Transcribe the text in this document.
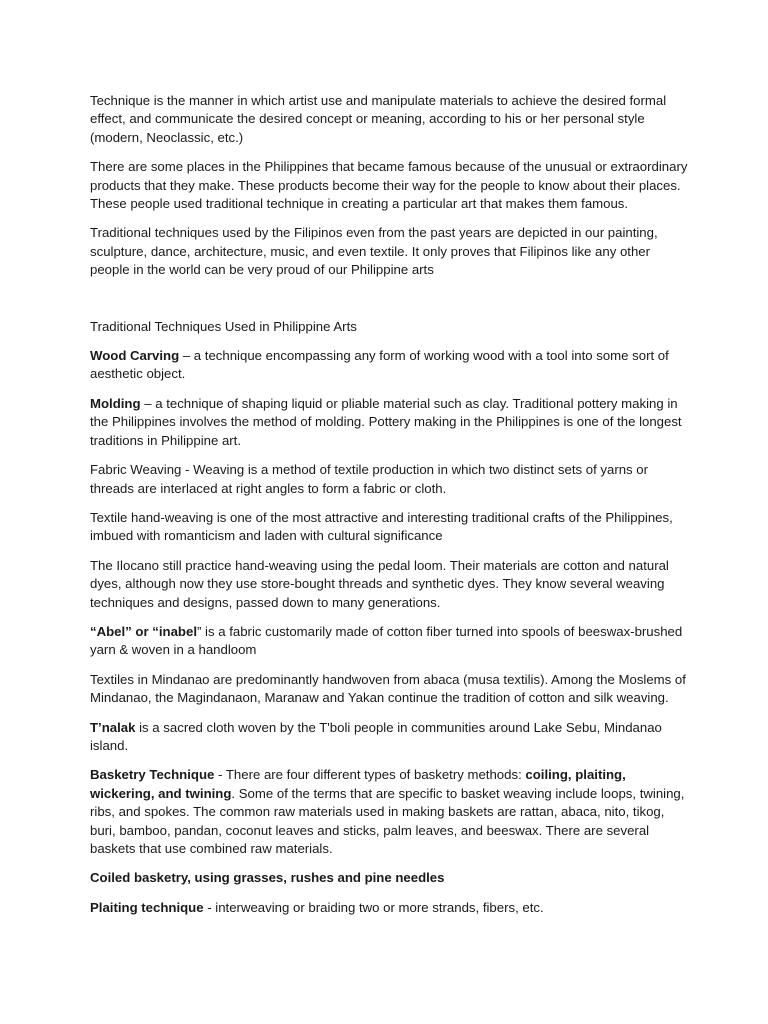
Technique is the manner in which artist use and manipulate materials to achieve the desired formal effect, and communicate the desired concept or meaning, according to his or her personal style (modern, Neoclassic, etc.)

There are some places in the Philippines that became famous because of the unusual or extraordinary products that they make. These products become their way for the people to know about their places. These people used traditional technique in creating a particular art that makes them famous.

Traditional techniques used by the Filipinos even from the past years are depicted in our painting, sculpture, dance, architecture, music, and even textile. It only proves that Filipinos like any other people in the world can be very proud of our Philippine arts

Traditional Techniques Used in Philippine Arts

Wood Carving – a technique encompassing any form of working wood with a tool into some sort of aesthetic object.

Molding – a technique of shaping liquid or pliable material such as clay. Traditional pottery making in the Philippines involves the method of molding. Pottery making in the Philippines is one of the longest traditions in Philippine art.

Fabric Weaving - Weaving is a method of textile production in which two distinct sets of yarns or threads are interlaced at right angles to form a fabric or cloth.

Textile hand-weaving is one of the most attractive and interesting traditional crafts of the Philippines, imbued with romanticism and laden with cultural significance

The Ilocano still practice hand-weaving using the pedal loom. Their materials are cotton and natural dyes, although now they use store-bought threads and synthetic dyes. They know several weaving techniques and designs, passed down to many generations.

“Abel” or “inabel” is a fabric customarily made of cotton fiber turned into spools of beeswax-brushed yarn & woven in a handloom

Textiles in Mindanao are predominantly handwoven from abaca (musa textilis). Among the Moslems of Mindanao, the Magindanaon, Maranaw and Yakan continue the tradition of cotton and silk weaving.

T’nalak is a sacred cloth woven by the T'boli people in communities around Lake Sebu, Mindanao island.

Basketry Technique - There are four different types of basketry methods: coiling, plaiting, wickering, and twining. Some of the terms that are specific to basket weaving include loops, twining, ribs, and spokes. The common raw materials used in making baskets are rattan, abaca, nito, tikog, buri, bamboo, pandan, coconut leaves and sticks, palm leaves, and beeswax. There are several baskets that use combined raw materials.

Coiled basketry, using grasses, rushes and pine needles

Plaiting technique - interweaving or braiding two or more strands, fibers, etc.
